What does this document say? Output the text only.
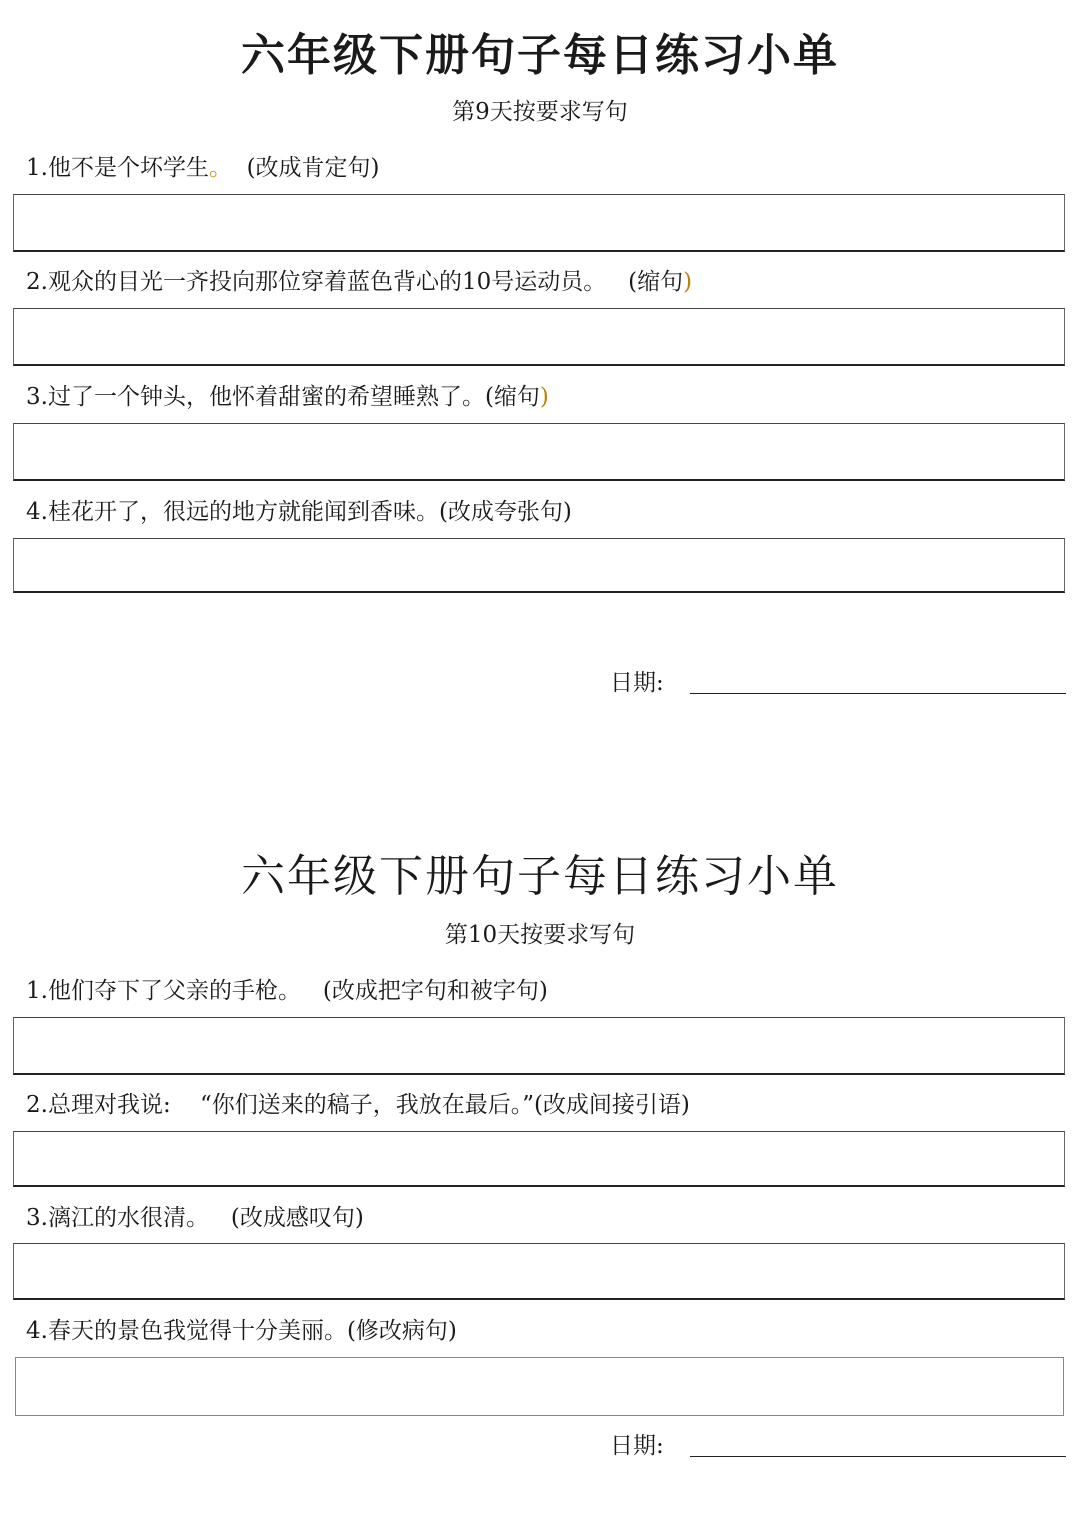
六年级下册句子每日练习小单
第9天按要求写句
1.他不是个坏学生。  (改成肯定句)
2.观众的目光一齐投向那位穿着蓝色背心的10号运动员。   (缩句)
3.过了一个钟头，他怀着甜蜜的希望睡熟了。(缩句)
4.桂花开了，很远的地方就能闻到香味。(改成夸张句)
日期:
六年级下册句子每日练习小单
第10天按要求写句
1.他们夺下了父亲的手枪。   (改成把字句和被字句)
2.总理对我说:    “你们送来的稿子，我放在最后。”(改成间接引语)
3.漓江的水很清。   (改成感叹句)
4.春天的景色我觉得十分美丽。(修改病句)
日期:
